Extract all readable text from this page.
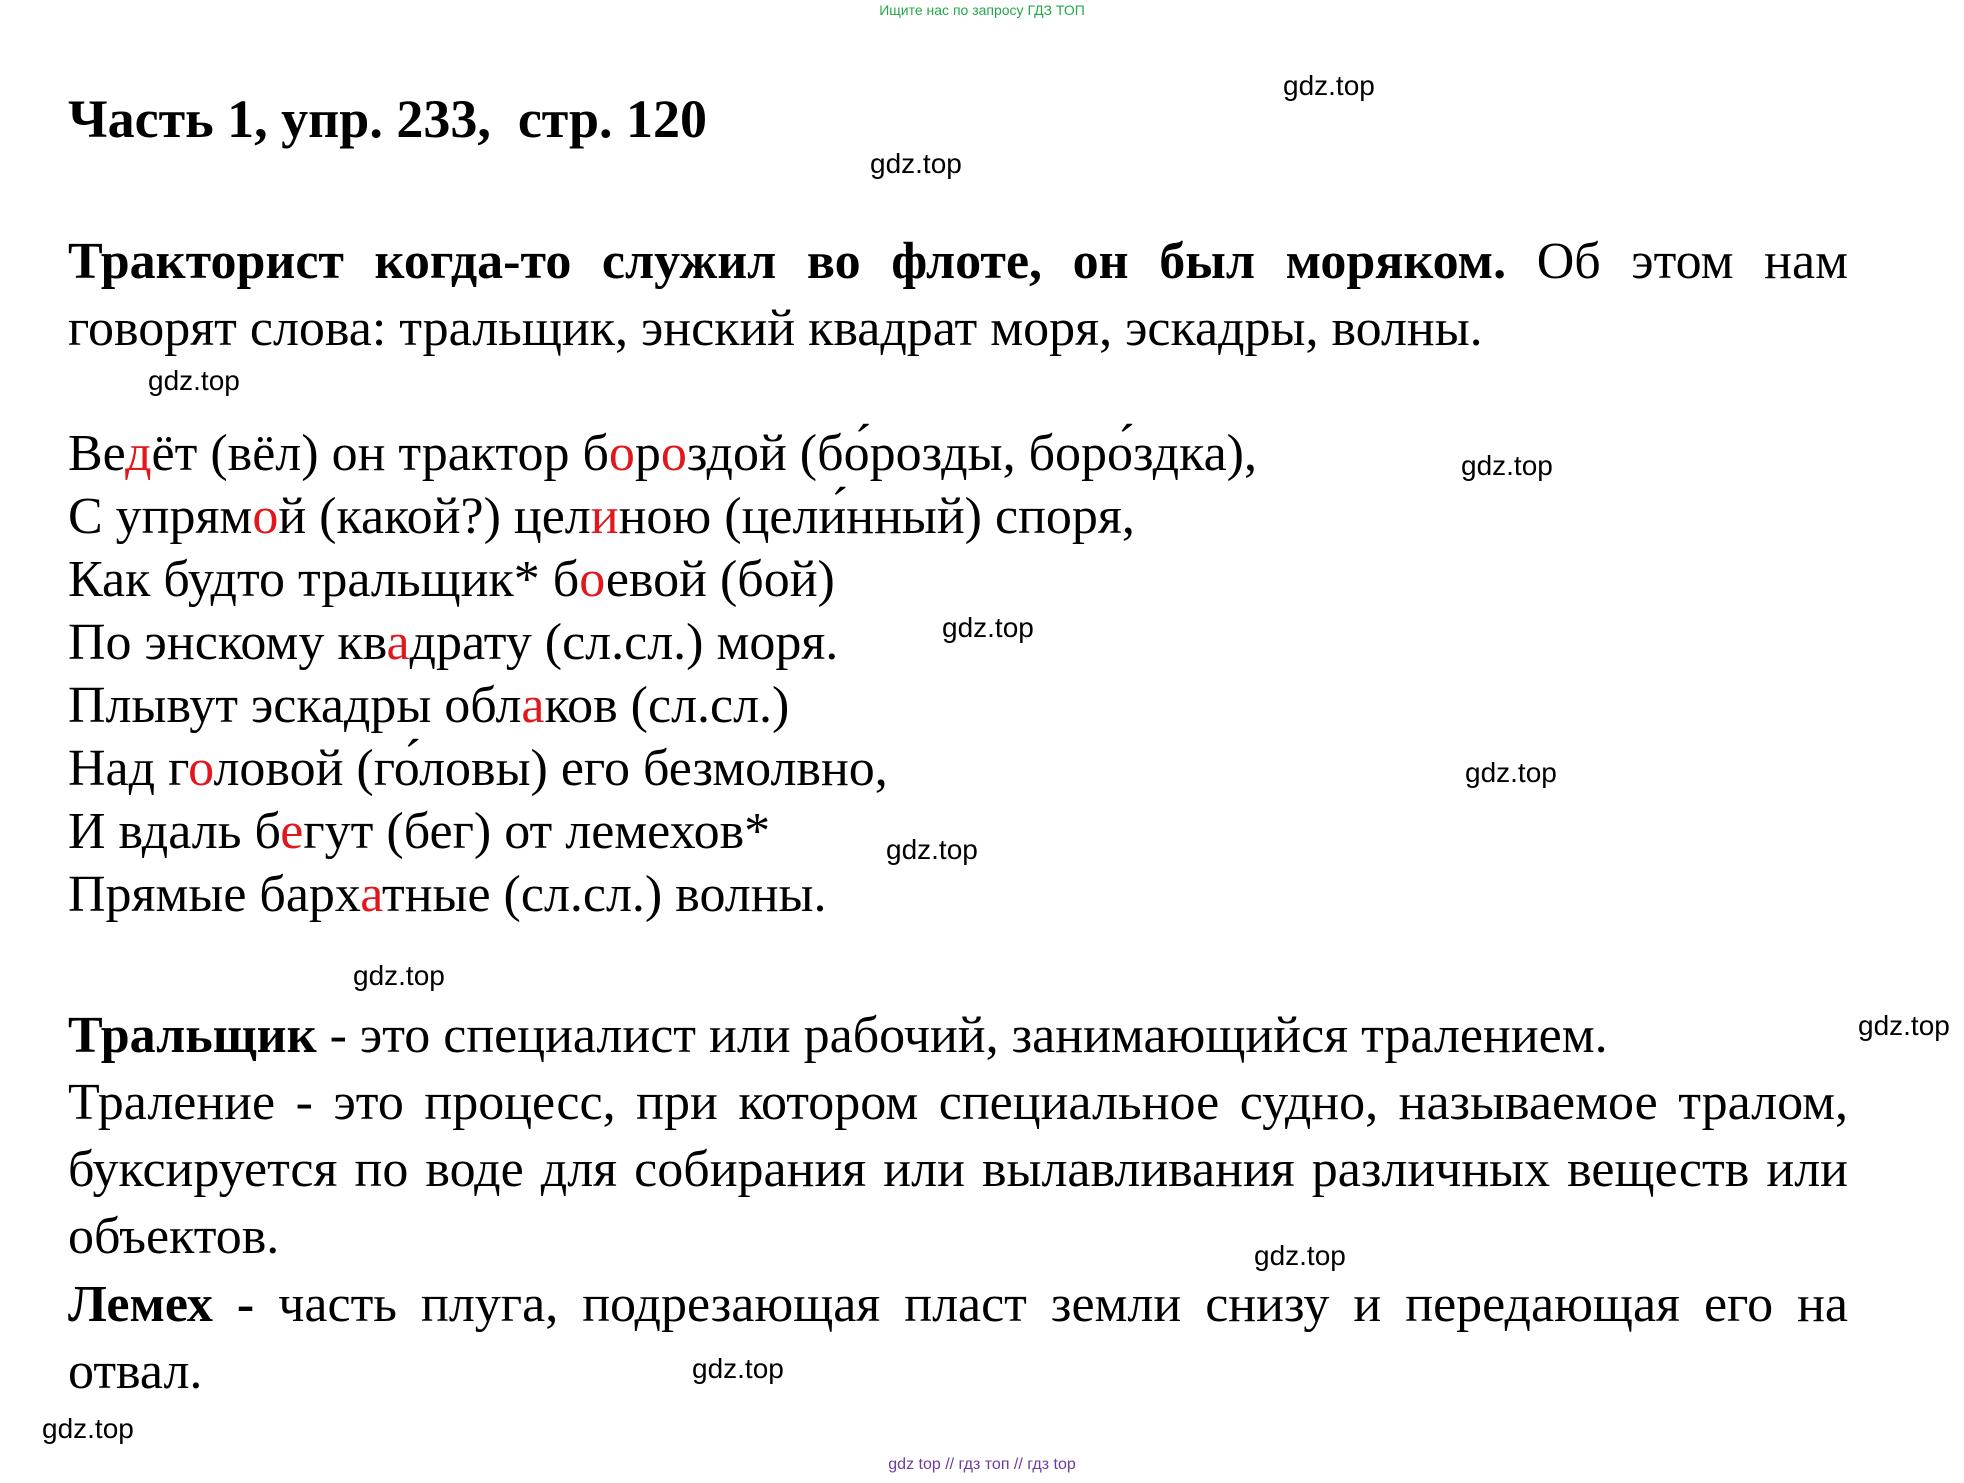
Ищите нас по запросу ГДЗ ТОП
Часть 1, упр. 233,  стр. 120
Тракторист когда-то служил во флоте, он был моряком. Об этом нам говорят слова: тральщик, энский квадрат моря, эскадры, волны.
Ведёт (вёл) он трактор бороздой (бо́розды, боро́здка),
С упрямой (какой?) целиною (цели́нный) споря,
Как будто тральщик* боевой (бой)
По энскому квадрату (сл.сл.) моря.
Плывут эскадры облаков (сл.сл.)
Над головой (го́ловы) его безмолвно,
И вдаль бегут (бег) от лемехов*
Прямые бархатные (сл.сл.) волны.
Тральщик - это специалист или рабочий, занимающийся тралением.
Траление - это процесс, при котором специальное судно, называемое тралом, буксируется по воде для собирания или вылавливания различных веществ или объектов.
Лемех - часть плуга, подрезающая пласт земли снизу и передающая его на отвал.
gdz.top
gdz.top
gdz.top
gdz.top
gdz.top
gdz.top
gdz.top
gdz.top
gdz.top
gdz.top
gdz.top
gdz.top
gdz top // гдз топ // гдз top
